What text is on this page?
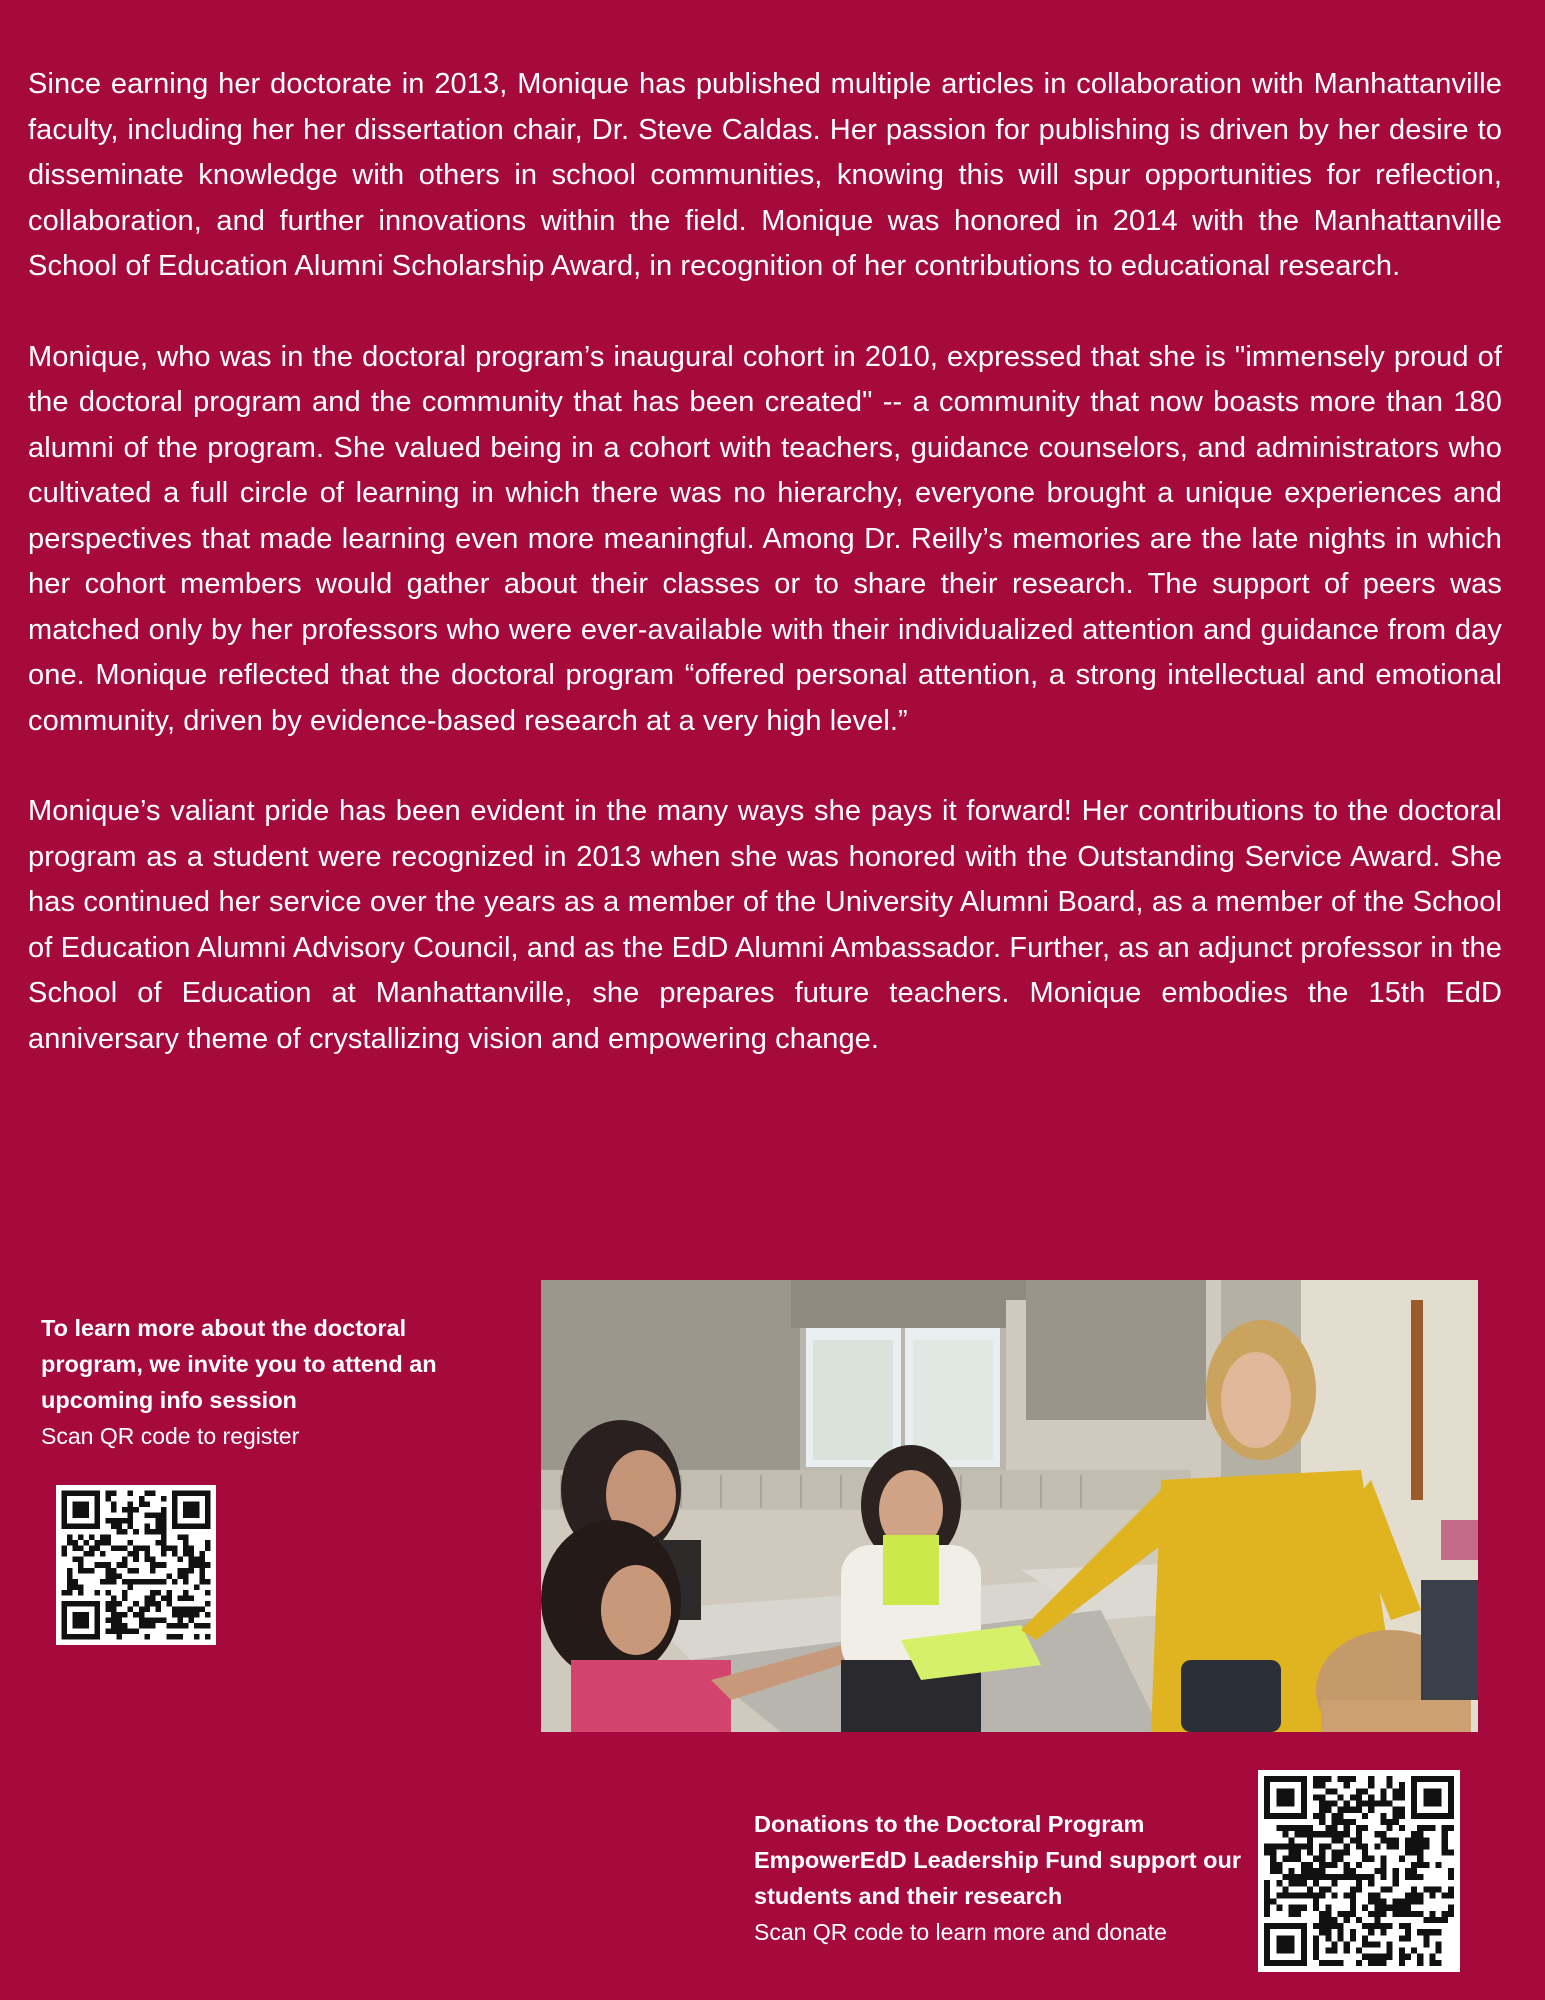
Since earning her doctorate in 2013, Monique has published multiple articles in collaboration with Manhattanville faculty, including her her dissertation chair, Dr. Steve Caldas. Her passion for publishing is driven by her desire to disseminate knowledge with others in school communities, knowing this will spur opportunities for reflection, collaboration, and further innovations within the field. Monique was honored in 2014 with the Manhattanville School of Education Alumni Scholarship Award, in recognition of her contributions to educational research.

Monique, who was in the doctoral program’s inaugural cohort in 2010, expressed that she is "immensely proud of the doctoral program and the community that has been created" -- a community that now boasts more than 180 alumni of the program. She valued being in a cohort with teachers, guidance counselors, and administrators who cultivated a full circle of learning in which there was no hierarchy, everyone brought a unique experiences and perspectives that made learning even more meaningful. Among Dr. Reilly’s memories are the late nights in which her cohort members would gather about their classes or to share their research. The support of peers was matched only by her professors who were ever-available with their individualized attention and guidance from day one. Monique reflected that the doctoral program “offered personal attention, a strong intellectual and emotional community, driven by evidence-based research at a very high level.”

Monique’s valiant pride has been evident in the many ways she pays it forward! Her contributions to the doctoral program as a student were recognized in 2013 when she was honored with the Outstanding Service Award. She has continued her service over the years as a member of the University Alumni Board, as a member of the School of Education Alumni Advisory Council, and as the EdD Alumni Ambassador. Further, as an adjunct professor in the School of Education at Manhattanville, she prepares future teachers. Monique embodies the 15th EdD anniversary theme of crystallizing vision and empowering change.

To learn more about the doctoral program, we invite you to attend an upcoming info session
Scan QR code to register
Donations to the Doctoral Program EmpowerEdD Leadership Fund support our students and their research
Scan QR code to learn more and donate
